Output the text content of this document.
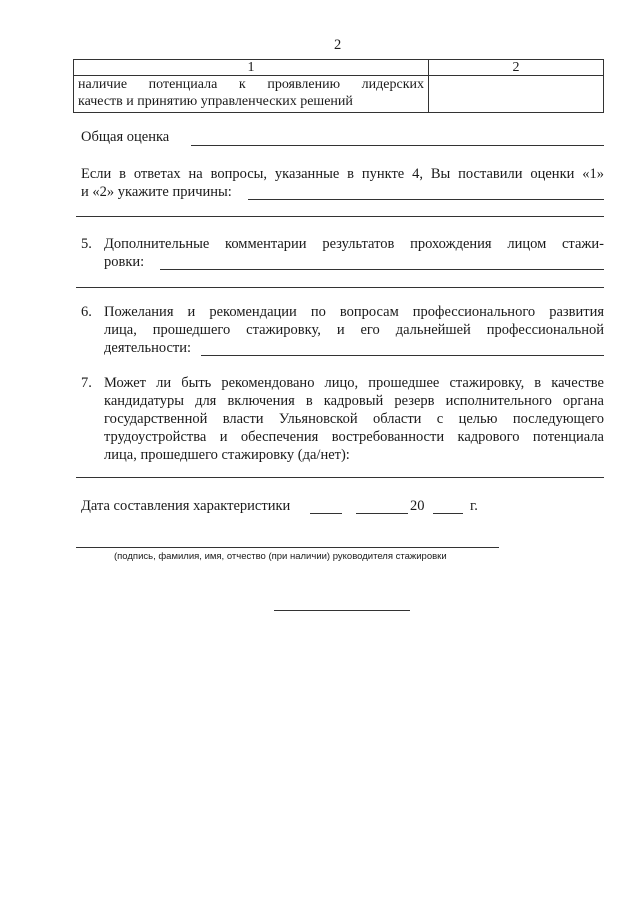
2
1	2

наличие потенциала к проявлению лидерских
качеств и принятию управленческих решений	

Общая оценка
Если в ответах на вопросы, указанные в пункте 4, Вы поставили оценки «1»
и «2» укажите причины:
5. Дополнительные комментарии результатов прохождения лицом стажи-
ровки:
6. Пожелания и рекомендации по вопросам профессионального развития
лица, прошедшего стажировку, и его дальнейшей профессиональной
деятельности:
7. Может ли быть рекомендовано лицо, прошедшее стажировку, в качестве
кандидатуры для включения в кадровый резерв исполнительного органа
государственной власти Ульяновской области с целью последующего
трудоустройства и обеспечения востребованности кадрового потенциала
лица, прошедшего стажировку (да/нет):
Дата составления характеристики	20	г.
(подпись, фамилия, имя, отчество (при наличии) руководителя стажировки
